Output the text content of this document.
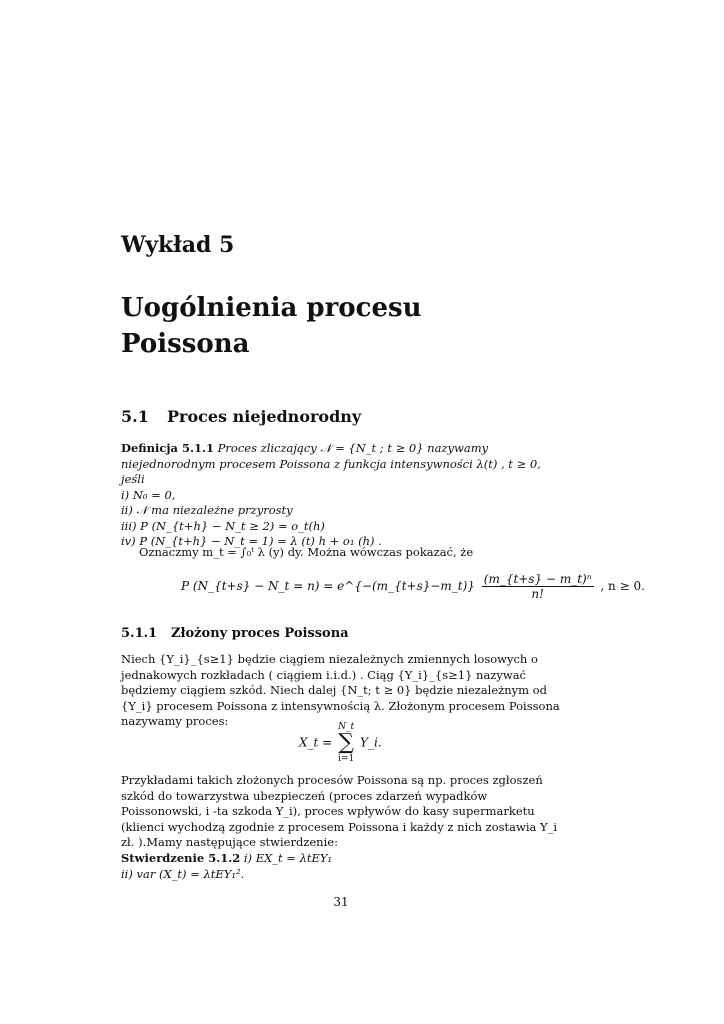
Wykład 5
Uogólnienia procesu Poissona
5.1 Proces niejednorodny
Definicja 5.1.1 Proces zliczający 𝒩 = {N_t ; t ≥ 0} nazywamy niejednorodnym procesem Poissona z funkcja intensywności λ(t) , t ≥ 0, jeśli
i) N₀ = 0,
ii) 𝒩 ma niezależne przyrosty
iii) P (N_{t+h} − N_t ≥ 2) = o_t(h)
iv) P (N_{t+h} − N_t = 1) = λ (t) h + o₁ (h) .
Oznaczmy m_t = ∫₀ᵗ λ (y) dy. Można wówczas pokazać, że
P (N_{t+s} − N_t = n) = e^{−(m_{t+s}−m_t)} $\frac{\text{(m\_\{t+s\} − m\_t)ⁿ}}{n!}$ , n ≥ 0.
5.1.1 Złożony proces Poissona
Niech {Y_i}_{s≥1} będzie ciągiem niezależnych zmiennych losowych o jednakowych rozkładach ( ciągiem i.i.d.) . Ciąg {Y_i}_{s≥1} nazywać będziemy ciągiem szkód. Niech dalej {N_t; t ≥ 0} będzie niezależnym od {Y_i} procesem Poissona z intensywnością λ. Złożonym procesem Poissona nazywamy proces:
X_t = N_t
∑
i=1 Y_i.
Przykładami takich złożonych procesów Poissona są np. proces zgłoszeń szkód do towarzystwa ubezpieczeń (proces zdarzeń wypadków Poissonowski, i -ta szkoda Y_i), proces wpływów do kasy supermarketu (klienci wychodzą zgodnie z procesem Poissona i każdy z nich zostawia Y_i zł. ).Mamy następujące stwierdzenie:
Stwierdzenie 5.1.2 i) EX_t = λtEY₁
ii) var (X_t) = λtEY₁².
31
